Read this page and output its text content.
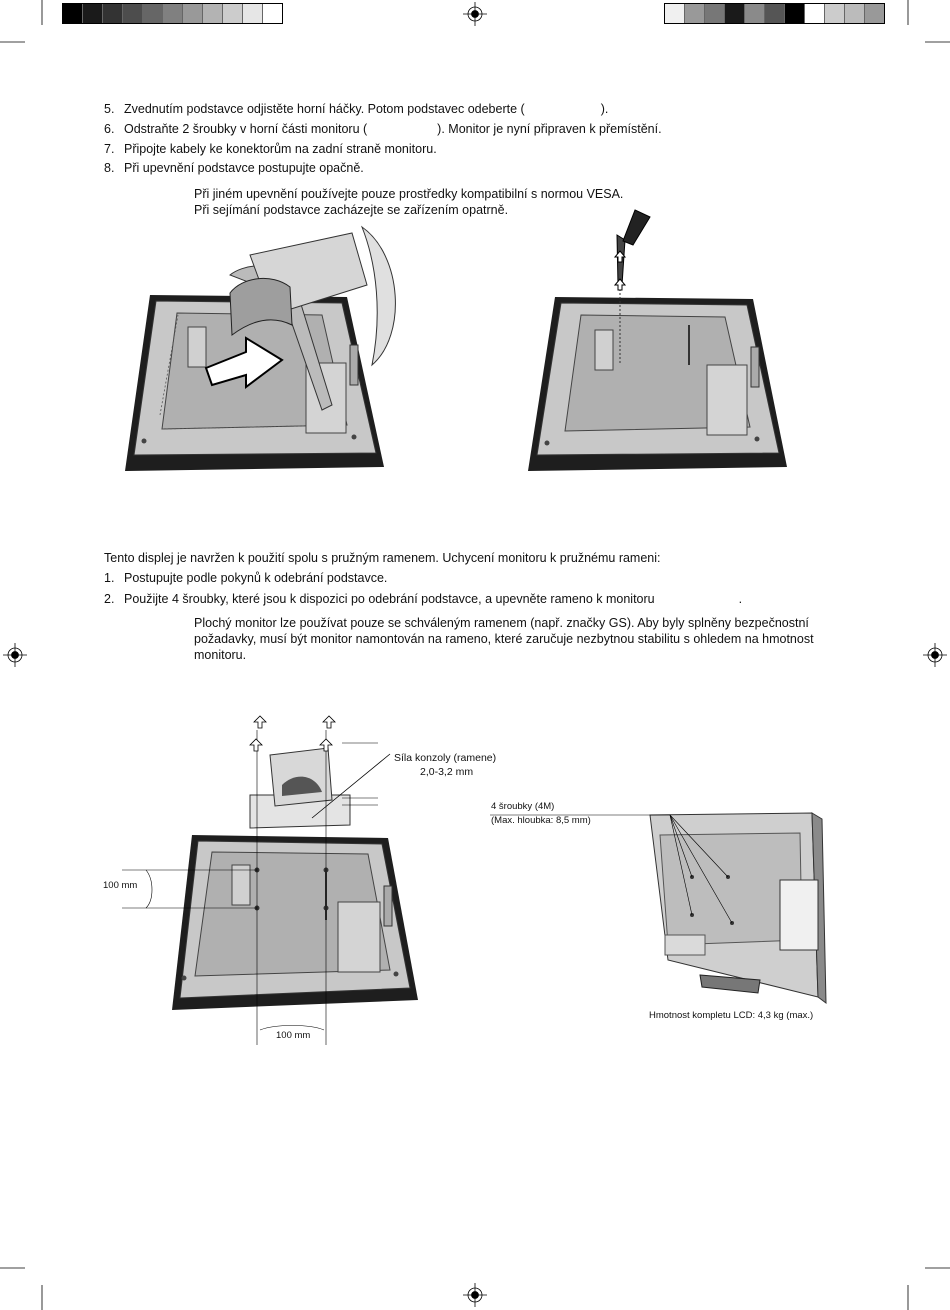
5. Zvednutím podstavce odjistěte horní háčky. Potom podstavec odeberte (	).
6. Odstraňte 2 šroubky v horní části monitoru (	). Monitor je nyní připraven k přemístění.
7. Připojte kabely ke konektorům na zadní straně monitoru.
8. Při upevnění podstavce postupujte opačně.
Při jiném upevnění používejte pouze prostředky kompatibilní s normou VESA.
Při sejímání podstavce zacházejte se zařízením opatrně.
Tento displej je navržen k použití spolu s pružným ramenem. Uchycení monitoru k pružnému rameni:
1. Postupujte podle pokynů k odebrání podstavce.
2. Použijte 4 šroubky, které jsou k dispozici po odebrání podstavce, a upevněte rameno k monitoru	.
Plochý monitor lze používat pouze se schváleným ramenem (např. značky GS). Aby byly splněny bezpečnostní
požadavky, musí být monitor namontován na rameno, které zaručuje nezbytnou stabilitu s ohledem na hmotnost
monitoru.
Síla konzoly (ramene)
2,0-3,2 mm
100 mm
100 mm
4 šroubky (4M)
(Max. hloubka: 8,5 mm)
Hmotnost kompletu LCD: 4,3 kg (max.)
